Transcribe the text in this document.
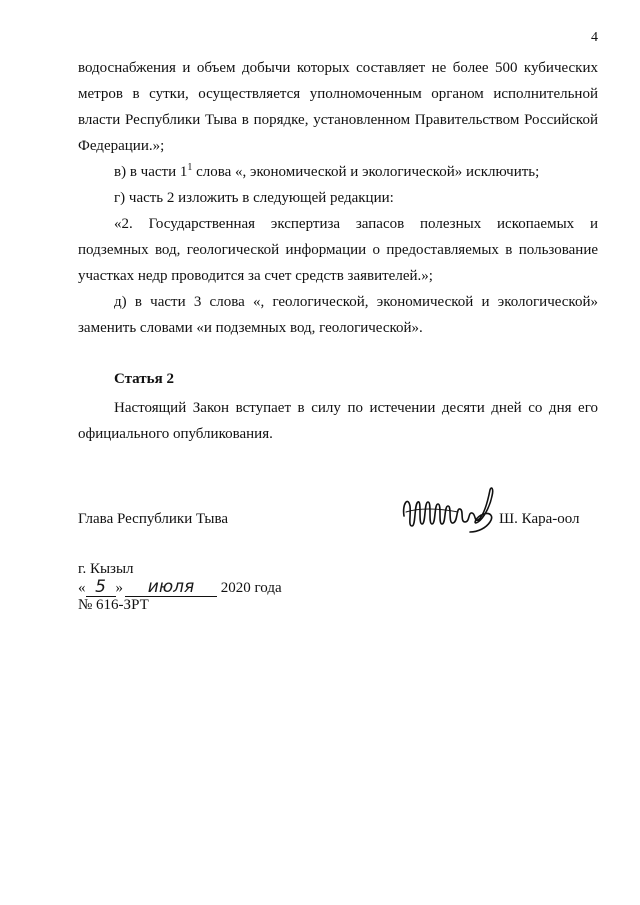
4

водоснабжения и объем добычи которых составляет не более 500 кубических метров в сутки, осуществляется уполномоченным органом исполнительной власти Республики Тыва в порядке, установленном Правительством Российской Федерации.»;

в) в части $1^1$ слова «, экономической и экологической» исключить;

г) часть 2 изложить в следующей редакции:

«2. Государственная экспертиза запасов полезных ископаемых и подземных вод, геологической информации о предоставляемых в пользование участках недр проводится за счет средств заявителей.»;

д) в части 3 слова «, геологической, экономической и экологической» заменить словами «и подземных вод, геологической».

Статья 2

Настоящий Закон вступает в силу по истечении десяти дней со дня его официального опубликования.

Глава Республики Тыва	Ш. Кара-оол
г. Кызыл
« 5 » июля 2020 года
№ 616-ЗРТ
